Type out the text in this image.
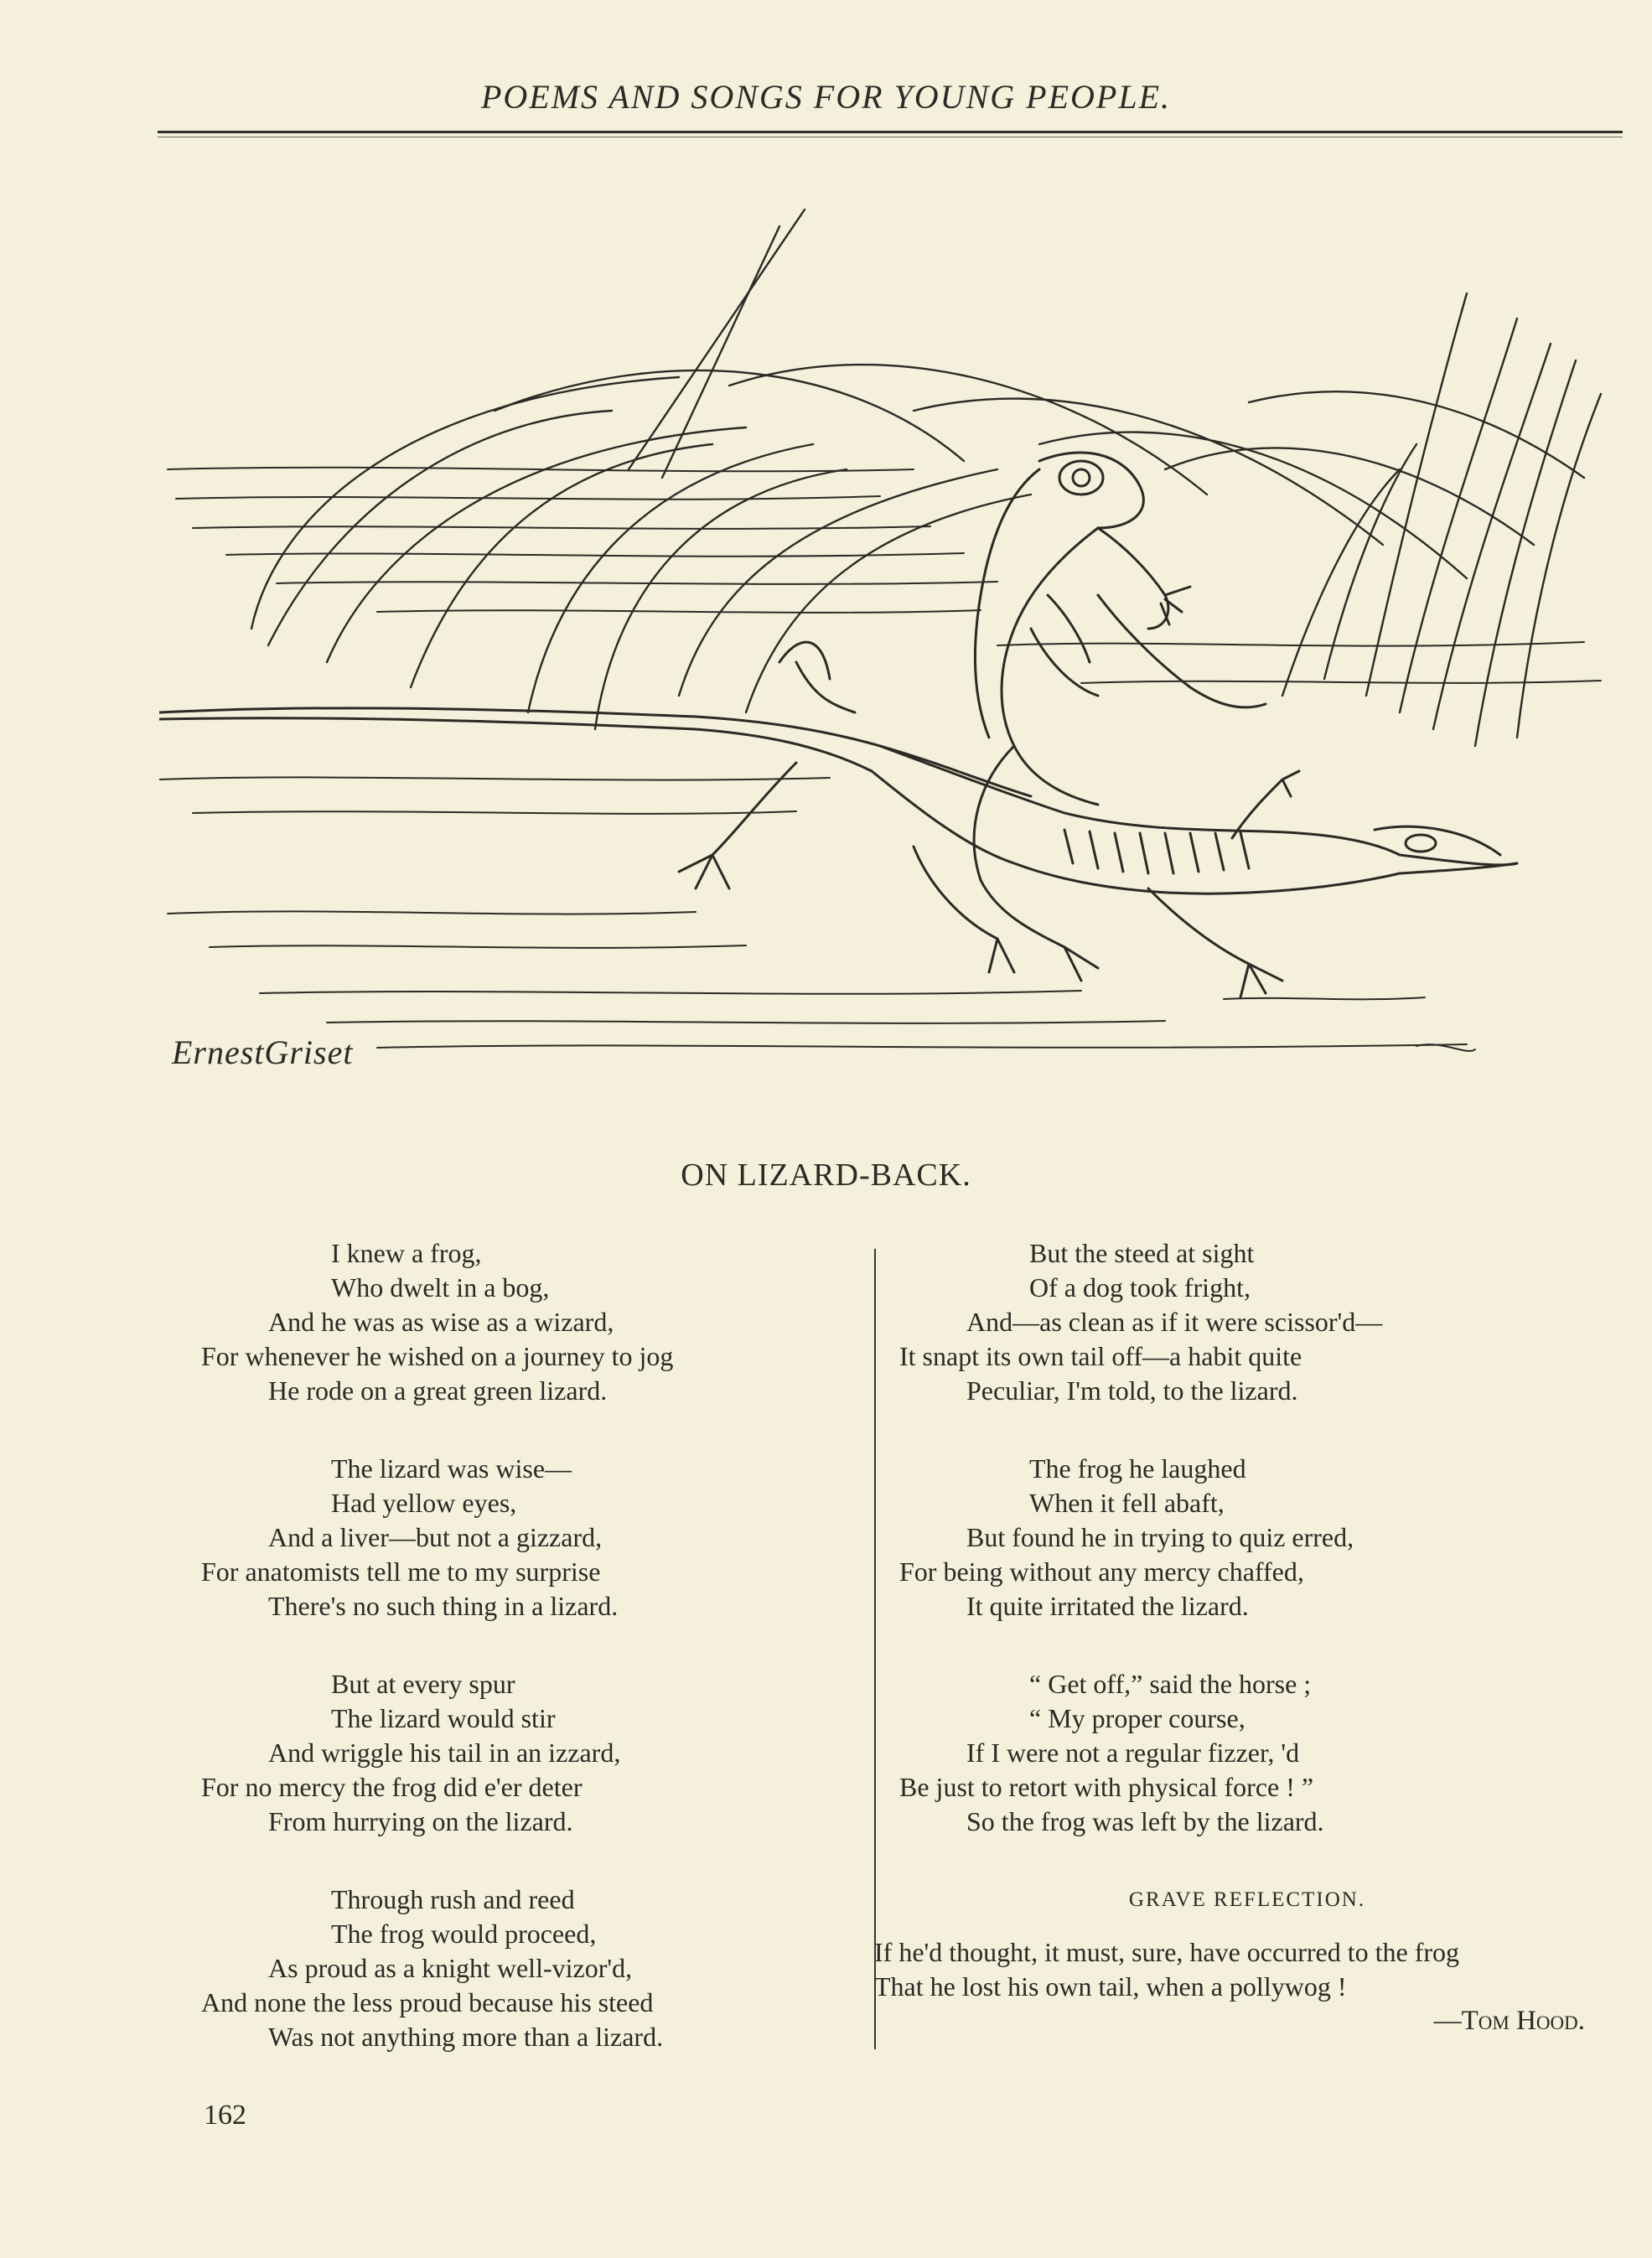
POEMS AND SONGS FOR YOUNG PEOPLE.
ErnestGriset
ON LIZARD-BACK.
I knew a frog,
Who dwelt in a bog,
And he was as wise as a wizard,
For whenever he wished on a journey to jog
He rode on a great green lizard.
The lizard was wise—
Had yellow eyes,
And a liver—but not a gizzard,
For anatomists tell me to my surprise
There's no such thing in a lizard.
But at every spur
The lizard would stir
And wriggle his tail in an izzard,
For no mercy the frog did e'er deter
From hurrying on the lizard.
Through rush and reed
The frog would proceed,
As proud as a knight well-vizor'd,
And none the less proud because his steed
Was not anything more than a lizard.
But the steed at sight
Of a dog took fright,
And—as clean as if it were scissor'd—
It snapt its own tail off—a habit quite
Peculiar, I'm told, to the lizard.
The frog he laughed
When it fell abaft,
But found he in trying to quiz erred,
For being without any mercy chaffed,
It quite irritated the lizard.
“ Get off,” said the horse ;
“ My proper course,
If I were not a regular fizzer, 'd
Be just to retort with physical force ! ”
So the frog was left by the lizard.
GRAVE REFLECTION.
If he'd thought, it must, sure, have occurred to the frog
That he lost his own tail, when a pollywog !
—Tom Hood.
162
